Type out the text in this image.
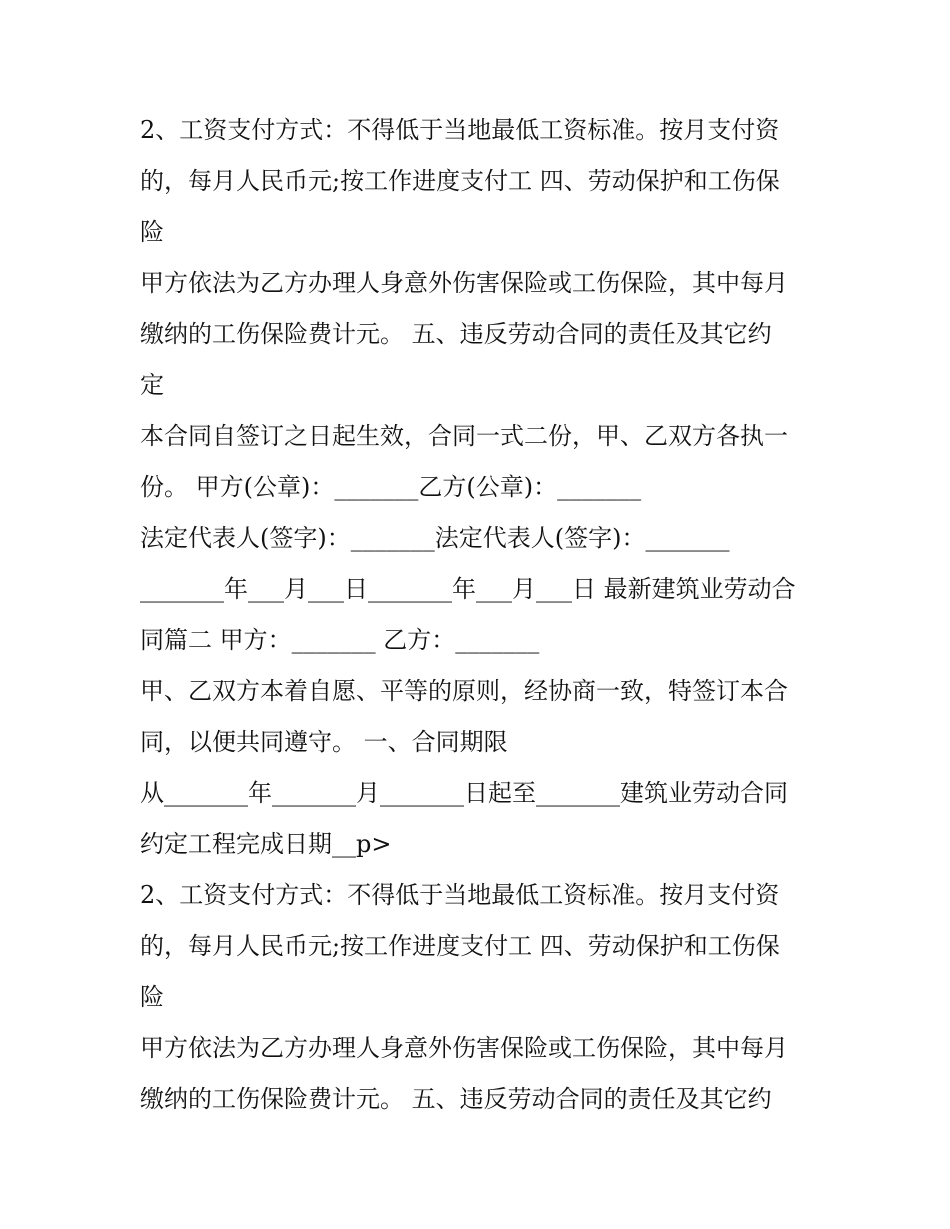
2、工资支付方式：不得低于当地最低工资标准。按月支付资

的，每月人民币元;按工作进度支付工 四、劳动保护和工伤保

险

甲方依法为乙方办理人身意外伤害保险或工伤保险，其中每月

缴纳的工伤保险费计元。 五、违反劳动合同的责任及其它约

定

本合同自签订之日起生效，合同一式二份，甲、乙双方各执一

份。 甲方(公章)：_______乙方(公章)：_______

法定代表人(签字)：_______法定代表人(签字)：_______

_______年___月___日_______年___月___日 最新建筑业劳动合

同篇二 甲方：_______ 乙方：_______

甲、乙双方本着自愿、平等的原则，经协商一致，特签订本合

同，以便共同遵守。 一、合同期限

从_______年_______月_______日起至_______建筑业劳动合同

约定工程完成日期__p>

2、工资支付方式：不得低于当地最低工资标准。按月支付资

的，每月人民币元;按工作进度支付工 四、劳动保护和工伤保

险

甲方依法为乙方办理人身意外伤害保险或工伤保险，其中每月

缴纳的工伤保险费计元。 五、违反劳动合同的责任及其它约
